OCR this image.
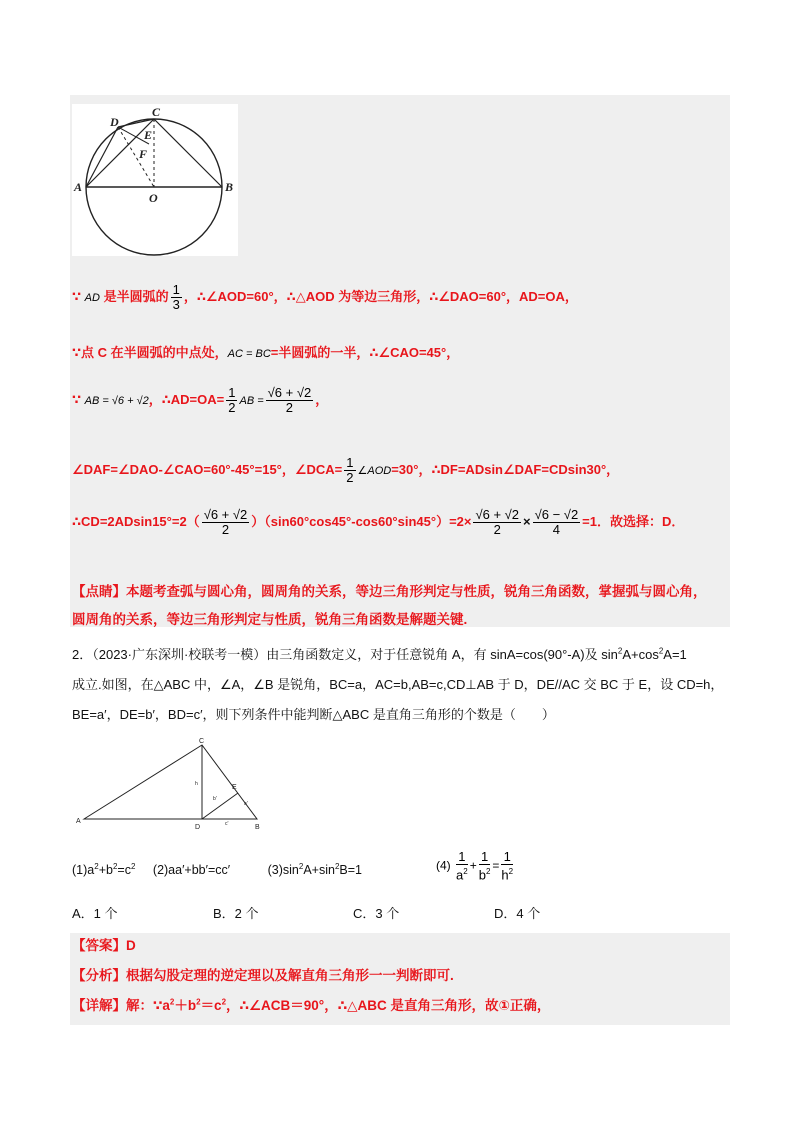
D
C
E
F
A	B
O
∵ AD 是半圆弧的 $\frac{1}{3}$ ，∴∠AOD=60°，∴△AOD 为等边三角形，∴∠DAO=60°，AD=OA，
∵点 C 在半圆弧的中点处，AC = BC=半圆弧的一半，∴∠CAO=45°，
∵ AB = √6 + √2，∴AD=OA= $\frac{1}{2}$ AB = $\frac{√6 + √2}{2}$ ，
∠DAF=∠DAO-∠CAO=60°-45°=15°，∠DCA= $\frac{1}{2}$ ∠AOD=30°，∴DF=ADsin∠DAF=CDsin30°，
∴CD=2ADsin15°=2（ $\frac{√6 + √2}{2} )(\sin 60^\circ\cos 45^\circ-\cos 60^\circ\sin 45^\circ)=2\times \frac{√6 + √2}{2} \times \frac{√6 - √2}{4} =1$．故选择：D．
【点睛】本题考查弧与圆心角，圆周角的关系，等边三角形判定与性质，锐角三角函数，掌握弧与圆心角，
圆周角的关系，等边三角形判定与性质，锐角三角函数是解题关键.
2．（2023·广东深圳·校联考一模）由三角函数定义，对于任意锐角 A，有 sinA=cos(90°-A)及 $\sin^2A+\cos^2A=1$
成立.如图，在△ABC 中，∠A，∠B 是锐角，BC=a，AC=b,AB=c,CD⊥AB 于 D，DE//AC 交 BC 于 E，设 CD=h，
BE=a′，DE=b′，BD=c′，则下列条件中能判断△ABC 是直角三角形的个数是（　　）
A
C
E
D	B
h
b'
a'
c'
$(1)a^2+b^2=c^2$ (2)aa′+bb′=cc′	$(3)\sin^2A+\sin^2B=1$	$(4) \frac{1}{a^2} + \frac{1}{b^2} = \frac{1}{h^2}$
A．1 个	B．2 个	C．3 个	D．4 个
【答案】D
【分析】根据勾股定理的逆定理以及解直角三角形一一判断即可.
【详解】解：$\because a^2+b^2=c^2$，∴∠ACB＝90°，∴△ABC 是直角三角形，故①正确，
